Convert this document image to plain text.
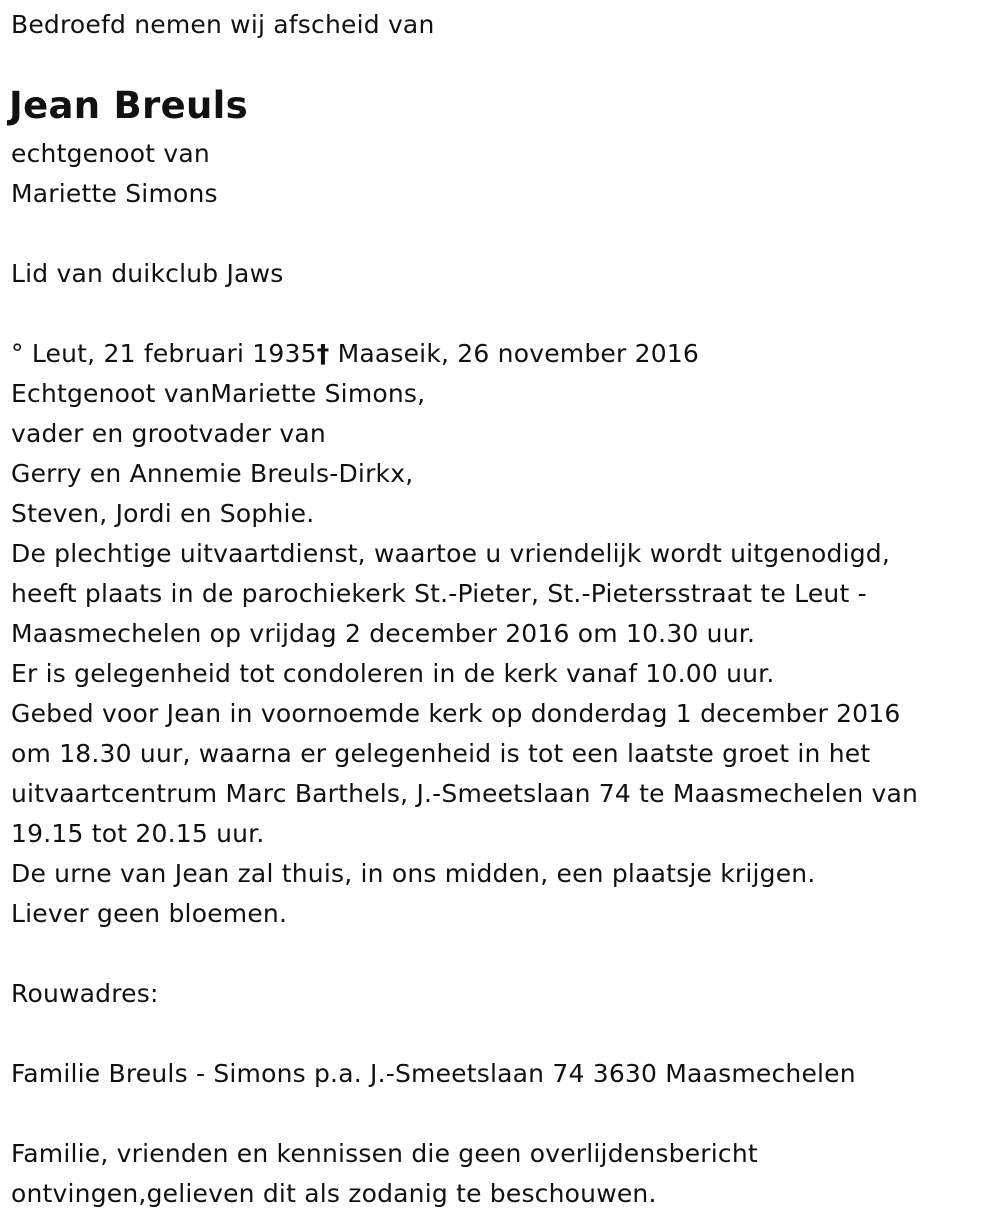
Bedroefd nemen wij afscheid van
Jean Breuls
echtgenoot van
Mariette Simons
Lid van duikclub Jaws
° Leut, 21 februari 1935† Maaseik, 26 november 2016
Echtgenoot vanMariette Simons,
vader en grootvader van
Gerry en Annemie Breuls-Dirkx,
Steven, Jordi en Sophie.
De plechtige uitvaartdienst, waartoe u vriendelijk wordt uitgenodigd,
heeft plaats in de parochiekerk St.-Pieter, St.-Pietersstraat te Leut -
Maasmechelen op vrijdag 2 december 2016 om 10.30 uur.
Er is gelegenheid tot condoleren in de kerk vanaf 10.00 uur.
Gebed voor Jean in voornoemde kerk op donderdag 1 december 2016
om 18.30 uur, waarna er gelegenheid is tot een laatste groet in het
uitvaartcentrum Marc Barthels, J.-Smeetslaan 74 te Maasmechelen van
19.15 tot 20.15 uur.
De urne van Jean zal thuis, in ons midden, een plaatsje krijgen.
Liever geen bloemen.
Rouwadres:
Familie Breuls - Simons p.a. J.-Smeetslaan 74 3630 Maasmechelen
Familie, vrienden en kennissen die geen overlijdensbericht
ontvingen,gelieven dit als zodanig te beschouwen.
